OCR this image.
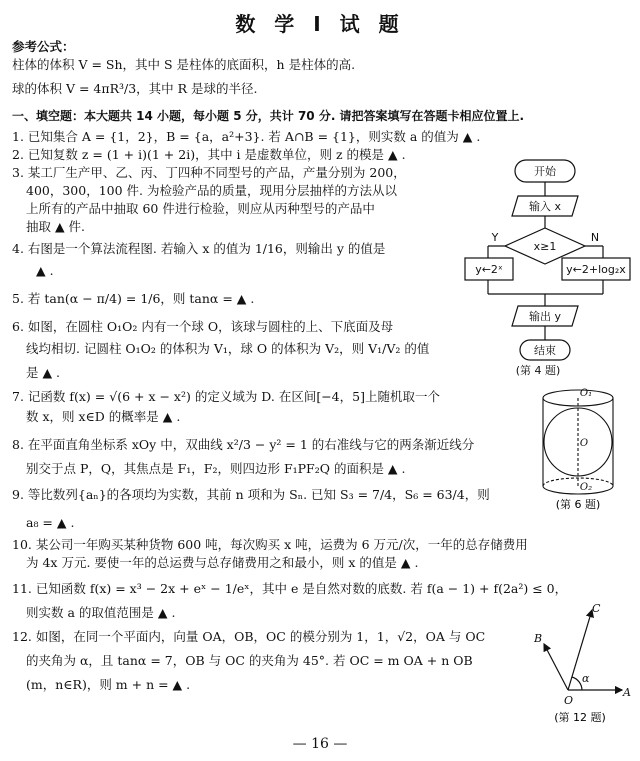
数 学 Ⅰ 试 题
参考公式：
柱体的体积 V = Sh，其中 S 是柱体的底面积，h 是柱体的高.
球的体积 V = 4πR³/3，其中 R 是球的半径.
一、填空题：本大题共 14 小题，每小题 5 分，共计 70 分. 请把答案填写在答题卡相应位置上.
1. 已知集合 A = {1，2}，B = {a，a²+3}. 若 A∩B = {1}，则实数 a 的值为 ▲ .
2. 已知复数 z = (1 + i)(1 + 2i)，其中 i 是虚数单位，则 z 的模是 ▲ .
3. 某工厂生产甲、乙、丙、丁四种不同型号的产品，产量分别为 200，
400，300，100 件. 为检验产品的质量，现用分层抽样的方法从以
上所有的产品中抽取 60 件进行检验，则应从丙种型号的产品中
抽取 ▲ 件.
4. 右图是一个算法流程图. 若输入 x 的值为 1/16，则输出 y 的值是
▲ .
5. 若 tan(α − π/4) = 1/6，则 tanα = ▲ .
6. 如图，在圆柱 O₁O₂ 内有一个球 O，该球与圆柱的上、下底面及母
线均相切. 记圆柱 O₁O₂ 的体积为 V₁，球 O 的体积为 V₂，则 V₁/V₂ 的值
是 ▲ .
7. 记函数 f(x) = √(6 + x − x²) 的定义域为 D. 在区间[−4，5]上随机取一个
数 x，则 x∈D 的概率是 ▲ .
8. 在平面直角坐标系 xOy 中，双曲线 x²/3 − y² = 1 的右准线与它的两条渐近线分
别交于点 P，Q，其焦点是 F₁，F₂，则四边形 F₁PF₂Q 的面积是 ▲ .
9. 等比数列{aₙ}的各项均为实数，其前 n 项和为 Sₙ. 已知 S₃ = 7/4，S₆ = 63/4，则
a₈ = ▲ .
10. 某公司一年购买某种货物 600 吨，每次购买 x 吨，运费为 6 万元/次，一年的总存储费用
为 4x 万元. 要使一年的总运费与总存储费用之和最小，则 x 的值是 ▲ .
11. 已知函数 f(x) = x³ − 2x + eˣ − 1/eˣ，其中 e 是自然对数的底数. 若 f(a − 1) + f(2a²) ≤ 0，
则实数 a 的取值范围是 ▲ .
12. 如图，在同一个平面内，向量 OA，OB，OC 的模分别为 1，1，√2，OA 与 OC
的夹角为 α，且 tanα = 7，OB 与 OC 的夹角为 45°. 若 OC = m OA + n OB
(m，n∈R)，则 m + n = ▲ .
开始
输入 x
x≥1
Y	N
y←2ˣ	y←2+log₂x
输出 y
结束
(第 4 题)
O₁
O
O₂
(第 6 题)
A
B
C
O
α
(第 12 题)
— 16 —
